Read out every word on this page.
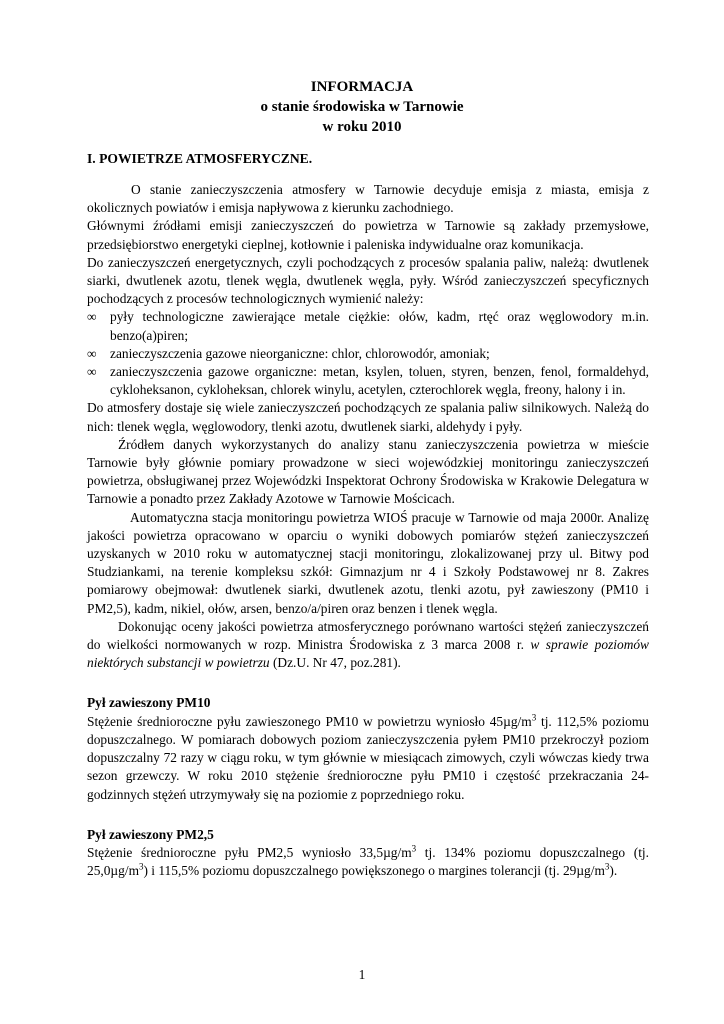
INFORMACJA
o stanie środowiska w Tarnowie
w roku 2010
I. POWIETRZE ATMOSFERYCZNE.

O stanie zanieczyszczenia atmosfery w Tarnowie decyduje emisja z miasta, emisja z okolicznych powiatów i emisja napływowa z kierunku zachodniego.

Głównymi źródłami emisji zanieczyszczeń do powietrza w Tarnowie są zakłady przemysłowe, przedsiębiorstwo energetyki cieplnej, kotłownie i paleniska indywidualne oraz komunikacja.

Do zanieczyszczeń energetycznych, czyli pochodzących z procesów spalania paliw, należą: dwutlenek siarki, dwutlenek azotu, tlenek węgla, dwutlenek węgla, pyły. Wśród zanieczyszczeń specyficznych pochodzących z procesów technologicznych wymienić należy:

∞ pyły technologiczne zawierające metale ciężkie: ołów, kadm, rtęć oraz węglowodory m.in. benzo(a)piren;
∞ zanieczyszczenia gazowe nieorganiczne: chlor, chlorowodór, amoniak;
∞ zanieczyszczenia gazowe organiczne: metan, ksylen, toluen, styren, benzen, fenol, formaldehyd, cykloheksanon, cykloheksan, chlorek winylu, acetylen, czterochlorek węgla, freony, halony i in.

Do atmosfery dostaje się wiele zanieczyszczeń pochodzących ze spalania paliw silnikowych. Należą do nich: tlenek węgla, węglowodory, tlenki azotu, dwutlenek siarki, aldehydy i pyły.

Źródłem danych wykorzystanych do analizy stanu zanieczyszczenia powietrza w mieście Tarnowie były głównie pomiary prowadzone w sieci wojewódzkiej monitoringu zanieczyszczeń powietrza, obsługiwanej przez Wojewódzki Inspektorat Ochrony Środowiska w Krakowie Delegatura w Tarnowie a ponadto przez Zakłady Azotowe w Tarnowie Mościcach.

Automatyczna stacja monitoringu powietrza WIOŚ pracuje w Tarnowie od maja 2000r. Analizę jakości powietrza opracowano w oparciu o wyniki dobowych pomiarów stężeń zanieczyszczeń uzyskanych w 2010 roku w automatycznej stacji monitoringu, zlokalizowanej przy ul. Bitwy pod Studziankami, na terenie kompleksu szkół: Gimnazjum nr 4 i Szkoły Podstawowej nr 8. Zakres pomiarowy obejmował: dwutlenek siarki, dwutlenek azotu, tlenki azotu, pył zawieszony (PM10 i PM2,5), kadm, nikiel, ołów, arsen, benzo/a/piren oraz benzen i tlenek węgla.

Dokonując oceny jakości powietrza atmosferycznego porównano wartości stężeń zanieczyszczeń do wielkości normowanych w rozp. Ministra Środowiska z 3 marca 2008 r. w sprawie poziomów niektórych substancji w powietrzu (Dz.U. Nr 47, poz.281).

Pył zawieszony PM10

Stężenie średnioroczne pyłu zawieszonego PM10 w powietrzu wyniosło $45\mu g/m^3$ tj. 112,5% poziomu dopuszczalnego. W pomiarach dobowych poziom zanieczyszczenia pyłem PM10 przekroczył poziom dopuszczalny 72 razy w ciągu roku, w tym głównie w miesiącach zimowych, czyli wówczas kiedy trwa sezon grzewczy. W roku 2010 stężenie średnioroczne pyłu PM10 i częstość przekraczania 24-godzinnych stężeń utrzymywały się na poziomie z poprzedniego roku.

Pył zawieszony PM2,5

Stężenie średnioroczne pyłu PM2,5 wyniosło $33,5\mu g/m^3$ tj. 134% poziomu dopuszczalnego (tj. $25,0\mu g/m^3$) i 115,5% poziomu dopuszczalnego powiększonego o margines tolerancji (tj. $29\mu g/m^3$).

1
